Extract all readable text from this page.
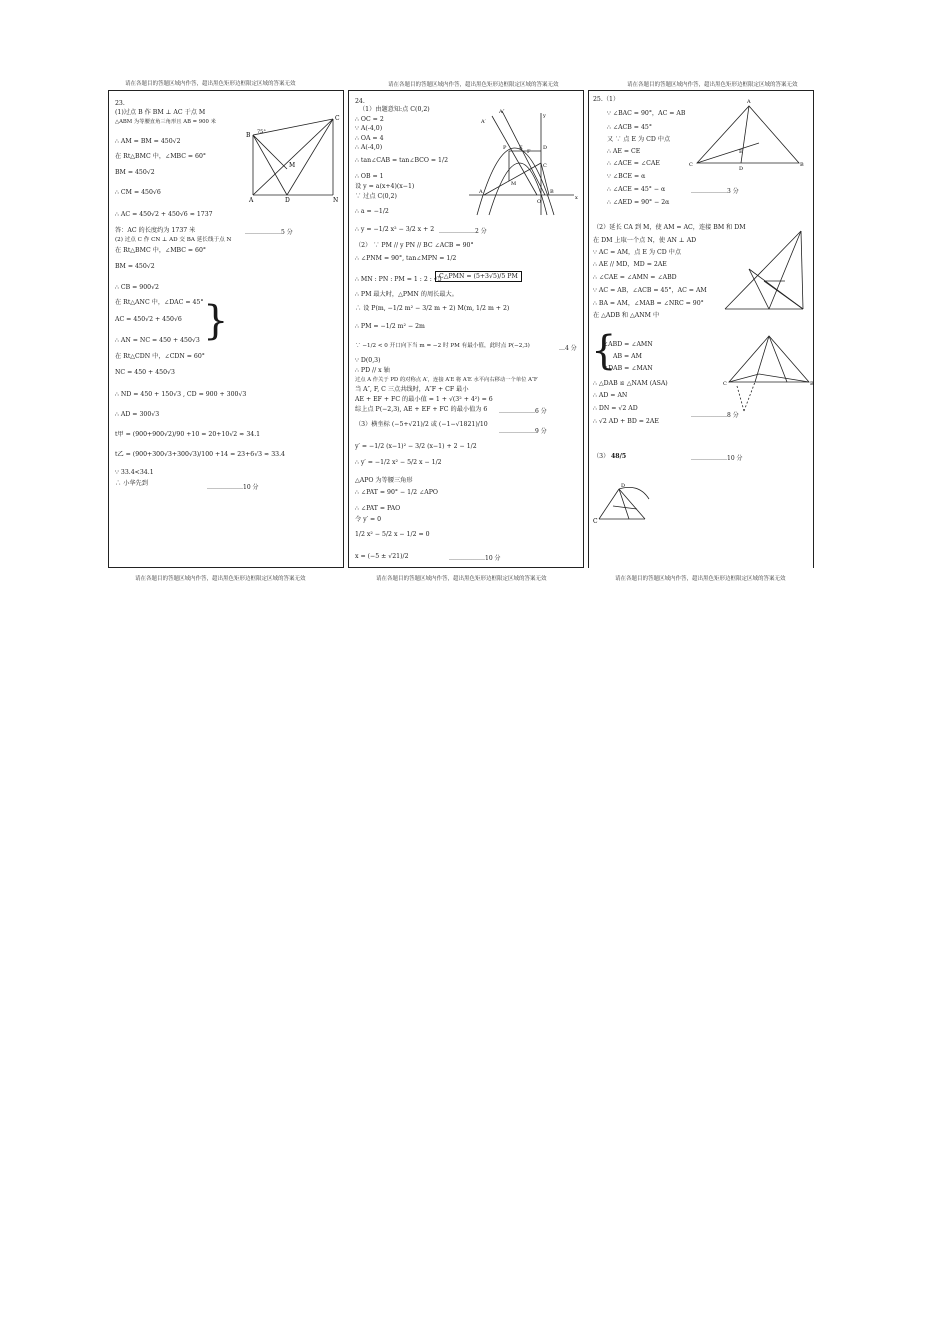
请在各题目的答题区域内作答，超出黑色矩形边框限定区域的答案无效	请在各题目的答题区域内作答，超出黑色矩形边框限定区域的答案无效	请在各题目的答题区域内作答，超出黑色矩形边框限定区域的答案无效
请在各题目的答题区域内作答，超出黑色矩形边框限定区域的答案无效	请在各题目的答题区域内作答，超出黑色矩形边框限定区域的答案无效	请在各题目的答题区域内作答，超出黑色矩形边框限定区域的答案无效
23.
(1)过点 B 作 BM ⊥ AC 于点 M
△ABM 为等腰直角三角形且 AB = 900 米
∴ AM = BM = 450√2
在 Rt△BMC 中，∠MBC = 60°
BM = 450√2
∴ CM = 450√6
∴ AC = 450√2 + 450√6 ≈ 1737
答：AC 的长度约为 1737 米
(2) 过点 C 作 CN ⊥ AD 交 BA 延长线于点 N
在 Rt△BMC 中，∠MBC = 60°
BM = 450√2
∴ CB = 900√2
在 Rt△ANC 中，∠DAC = 45°
AC = 450√2 + 450√6
∴ AN = NC = 450 + 450√3
在 Rt△CDN 中，∠CDN = 60°
NC = 450 + 450√3
∴ ND = 450 + 150√3 , CD = 900 + 300√3
∴ AD = 300√3
t甲 = (900+900√2)/90 +10 = 20+10√2 ≈ 34.1
t乙 = (900+300√3+300√3)/100 +14 = 23+6√3 ≈ 33.4
∵ 33.4<34.1
∴ 小华先到
}
………………5 分
………………10 分
B
A
C
M
D	N
75°
24.
（1）由题意知:点 C(0,2)
∴ OC = 2
∵ A(-4,0)
∴ OA = 4
∴ A(-4,0)
∴ tan∠CAB = tan∠BCO = 1/2
∴ OB = 1
设 y = a(x+4)(x−1)
∵ 过点 C(0,2)
∴ a = −1/2
∴ y = −1/2 x² − 3/2 x + 2 ………………2 分
（2） ∵ PM // y PN // BC ∠ACB = 90°
∴ ∠PNM = 90°, tan∠MPN = 1/2
∴ MN : PN : PM = 1 : 2 : √5
C△PMN = (5+3√5)/5 PM
∴ PM 最大时，△PMN 的周长最大。
∴ 设 P(m, −1/2 m² − 3/2 m + 2) M(m, 1/2 m + 2)
∴ PM = −1/2 m² − 2m
∵ −1/2 < 0 开口向下当 m = −2 时 PM 有最小值，此时点 P(−2,3)	…4 分
∵ D(0,3)
∴ PD // x 轴
过点 A 作关于 PD 的对称点 A′，连接 A′E 将 A′E 水平向右移动一个单位 A″F
当 A″, F, C 三点共线时，A″F + CF 最小
AE + EF + FC 的最小值 = 1 + √(3² + 4²) = 6
综上点 P(−2,3), AE + EF + FC 的最小值为 6 ………………6 分
（3）横坐标 (−5+√21)/2 或 (−1−√1821)/10
………………9 分
y′ = −1/2 (x−1)² − 3/2 (x−1) + 2 − 1/2
∴ y′ = −1/2 x² − 5/2 x − 1/2
△APO 为等腰三角形
∴ ∠PAT = 90° − 1/2 ∠APO
∴ ∠PAT = PAO
令 y′ = 0
1/2 x² − 5/2 x − 1/2 = 0
x = (−5 ± √21)/2	………………10 分
A′
A″
P	D
C
E
F
M
A	B
O
x
y
25.（1）
∵ ∠BAC = 90°，AC = AB
∴ ∠ACB = 45°
又 ∵ 点 E 为 CD 中点
∴ AE = CE
∴ ∠ACE = ∠CAE
∵ ∠BCE = α
∴ ∠ACE = 45° − α	………………3 分
∴ ∠AED = 90° − 2α
C
A
B
D
E
（2）延长 CA 到 M，使 AM = AC，连接 BM 和 DM
在 DM 上取一个点 N，使 AN ⊥ AD
∵ AC = AM，点 E 为 CD 中点
∴ AE // MD，MD = 2AE
∴ ∠CAE = ∠AMN = ∠ABD
∵ AC = AB，∠ACB = 45°，AC = AM
∴ BA = AM，∠MAB = ∠NRC = 90°
在 △ADB 和 △ANM 中
{
∠ABD = ∠AMN
AB = AM
∠DAB = ∠MAN
∴ △DAB ≌ △NAM (ASA)
∴ AD = AN
∴ DN = √2 AD
………………8 分
∴ √2 AD + BD = 2AE
C	B
（3） 48/5	………………10 分
C
D
